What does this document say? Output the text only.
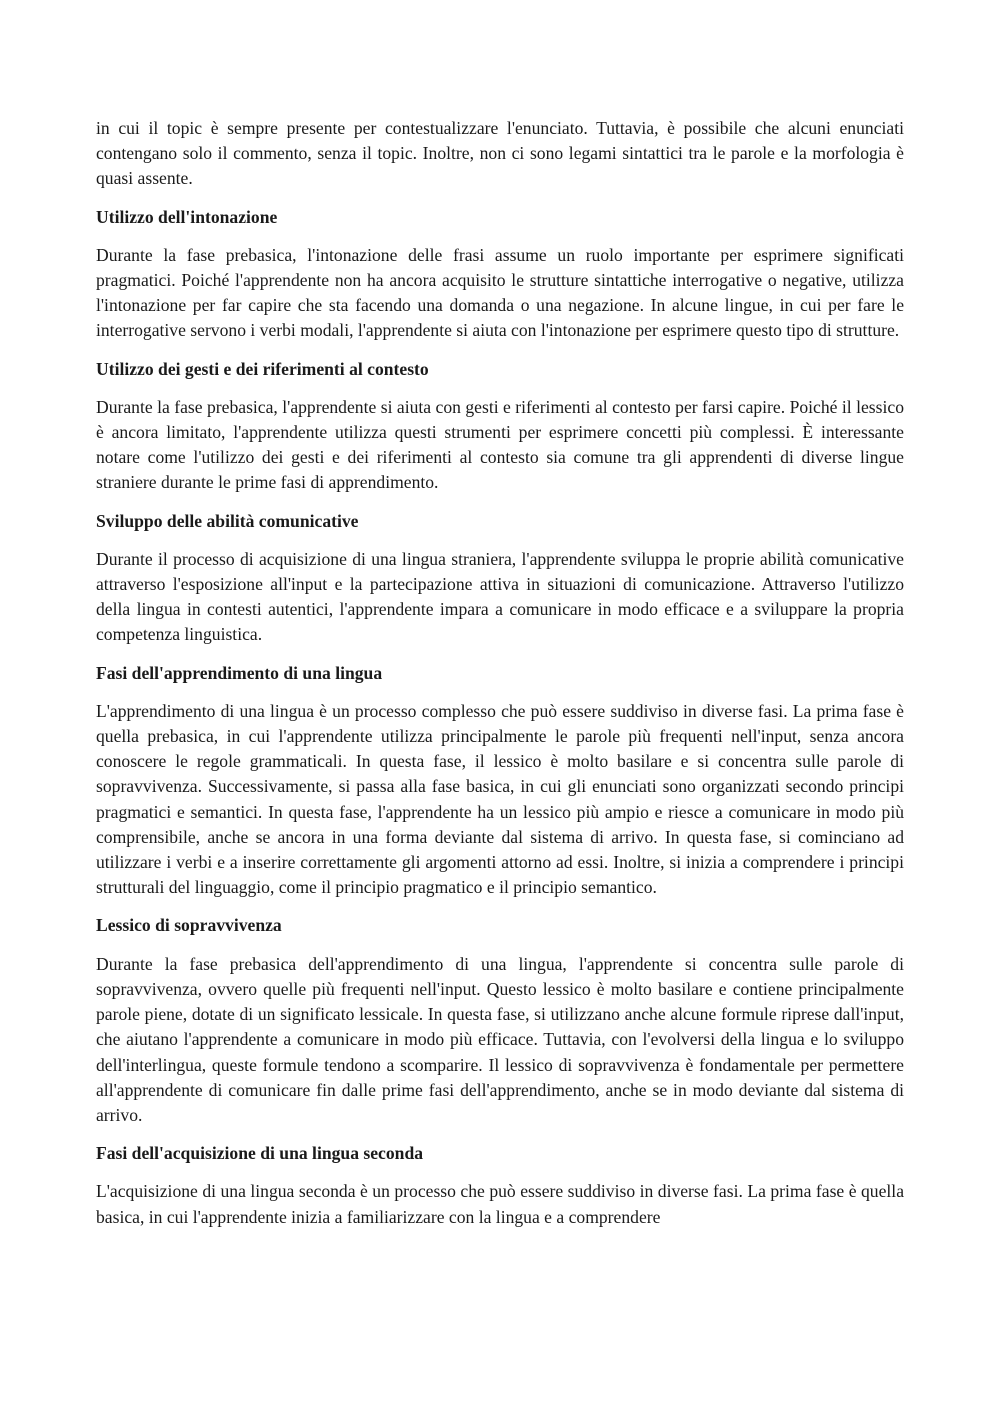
in cui il topic è sempre presente per contestualizzare l'enunciato. Tuttavia, è possibile che alcuni enunciati contengano solo il commento, senza il topic. Inoltre, non ci sono legami sintattici tra le parole e la morfologia è quasi assente.

Utilizzo dell'intonazione

Durante la fase prebasica, l'intonazione delle frasi assume un ruolo importante per esprimere significati pragmatici. Poiché l'apprendente non ha ancora acquisito le strutture sintattiche interrogative o negative, utilizza l'intonazione per far capire che sta facendo una domanda o una negazione. In alcune lingue, in cui per fare le interrogative servono i verbi modali, l'apprendente si aiuta con l'intonazione per esprimere questo tipo di strutture.

Utilizzo dei gesti e dei riferimenti al contesto

Durante la fase prebasica, l'apprendente si aiuta con gesti e riferimenti al contesto per farsi capire. Poiché il lessico è ancora limitato, l'apprendente utilizza questi strumenti per esprimere concetti più complessi. È interessante notare come l'utilizzo dei gesti e dei riferimenti al contesto sia comune tra gli apprendenti di diverse lingue straniere durante le prime fasi di apprendimento.

Sviluppo delle abilità comunicative

Durante il processo di acquisizione di una lingua straniera, l'apprendente sviluppa le proprie abilità comunicative attraverso l'esposizione all'input e la partecipazione attiva in situazioni di comunicazione. Attraverso l'utilizzo della lingua in contesti autentici, l'apprendente impara a comunicare in modo efficace e a sviluppare la propria competenza linguistica.

Fasi dell'apprendimento di una lingua

L'apprendimento di una lingua è un processo complesso che può essere suddiviso in diverse fasi. La prima fase è quella prebasica, in cui l'apprendente utilizza principalmente le parole più frequenti nell'input, senza ancora conoscere le regole grammaticali. In questa fase, il lessico è molto basilare e si concentra sulle parole di sopravvivenza. Successivamente, si passa alla fase basica, in cui gli enunciati sono organizzati secondo principi pragmatici e semantici. In questa fase, l'apprendente ha un lessico più ampio e riesce a comunicare in modo più comprensibile, anche se ancora in una forma deviante dal sistema di arrivo. In questa fase, si cominciano ad utilizzare i verbi e a inserire correttamente gli argomenti attorno ad essi. Inoltre, si inizia a comprendere i principi strutturali del linguaggio, come il principio pragmatico e il principio semantico.

Lessico di sopravvivenza

Durante la fase prebasica dell'apprendimento di una lingua, l'apprendente si concentra sulle parole di sopravvivenza, ovvero quelle più frequenti nell'input. Questo lessico è molto basilare e contiene principalmente parole piene, dotate di un significato lessicale. In questa fase, si utilizzano anche alcune formule riprese dall'input, che aiutano l'apprendente a comunicare in modo più efficace. Tuttavia, con l'evolversi della lingua e lo sviluppo dell'interlingua, queste formule tendono a scomparire. Il lessico di sopravvivenza è fondamentale per permettere all'apprendente di comunicare fin dalle prime fasi dell'apprendimento, anche se in modo deviante dal sistema di arrivo.

Fasi dell'acquisizione di una lingua seconda

L'acquisizione di una lingua seconda è un processo che può essere suddiviso in diverse fasi. La prima fase è quella basica, in cui l'apprendente inizia a familiarizzare con la lingua e a comprendere
